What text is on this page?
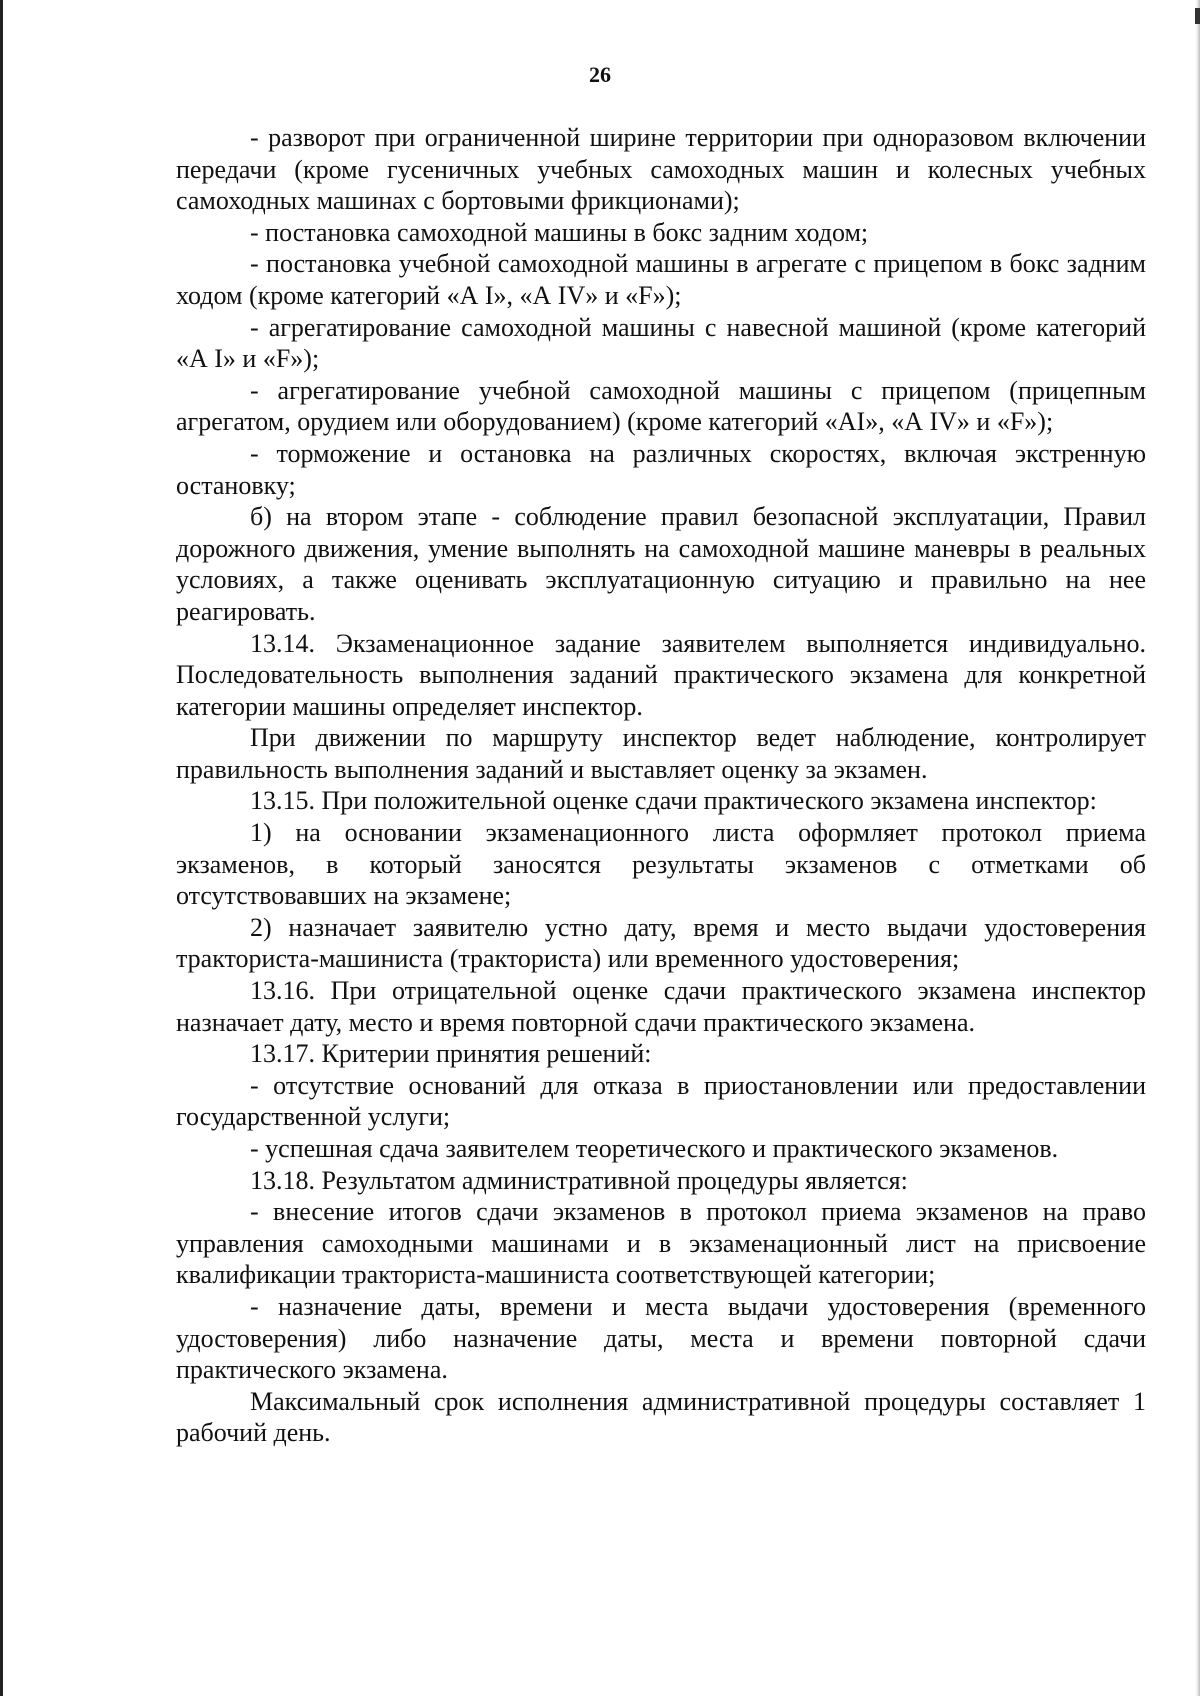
26

- разворот при ограниченной ширине территории при одноразовом включении передачи (кроме гусеничных учебных самоходных машин и колесных учебных самоходных машинах с бортовыми фрикционами);

- постановка самоходной машины в бокс задним ходом;

- постановка учебной самоходной машины в агрегате с прицепом в бокс задним ходом (кроме категорий «А I», «А IV» и «F»);

- агрегатирование самоходной машины с навесной машиной (кроме категорий «А I» и «F»);

- агрегатирование учебной самоходной машины с прицепом (прицепным агрегатом, орудием или оборудованием) (кроме категорий «AI», «А IV» и «F»);

- торможение и остановка на различных скоростях, включая экстренную остановку;

б) на втором этапе - соблюдение правил безопасной эксплуатации, Правил дорожного движения, умение выполнять на самоходной машине маневры в реальных условиях, а также оценивать эксплуатационную ситуацию и правильно на нее реагировать.

13.14. Экзаменационное задание заявителем выполняется индивидуально. Последовательность выполнения заданий практического экзамена для конкретной категории машины определяет инспектор.

При движении по маршруту инспектор ведет наблюдение, контролирует правильность выполнения заданий и выставляет оценку за экзамен.

13.15. При положительной оценке сдачи практического экзамена инспектор:

1) на основании экзаменационного листа оформляет протокол приема экзаменов, в который заносятся результаты экзаменов с отметками об отсутствовавших на экзамене;

2) назначает заявителю устно дату, время и место выдачи удостоверения тракториста-машиниста (тракториста) или временного удостоверения;

13.16. При отрицательной оценке сдачи практического экзамена инспектор назначает дату, место и время повторной сдачи практического экзамена.

13.17. Критерии принятия решений:

- отсутствие оснований для отказа в приостановлении или предоставлении государственной услуги;

- успешная сдача заявителем теоретического и практического экзаменов.

13.18. Результатом административной процедуры является:

- внесение итогов сдачи экзаменов в протокол приема экзаменов на право управления самоходными машинами и в экзаменационный лист на присвоение квалификации тракториста-машиниста соответствующей категории;

- назначение даты, времени и места выдачи удостоверения (временного удостоверения) либо назначение даты, места и времени повторной сдачи практического экзамена.

Максимальный срок исполнения административной процедуры составляет 1 рабочий день.
